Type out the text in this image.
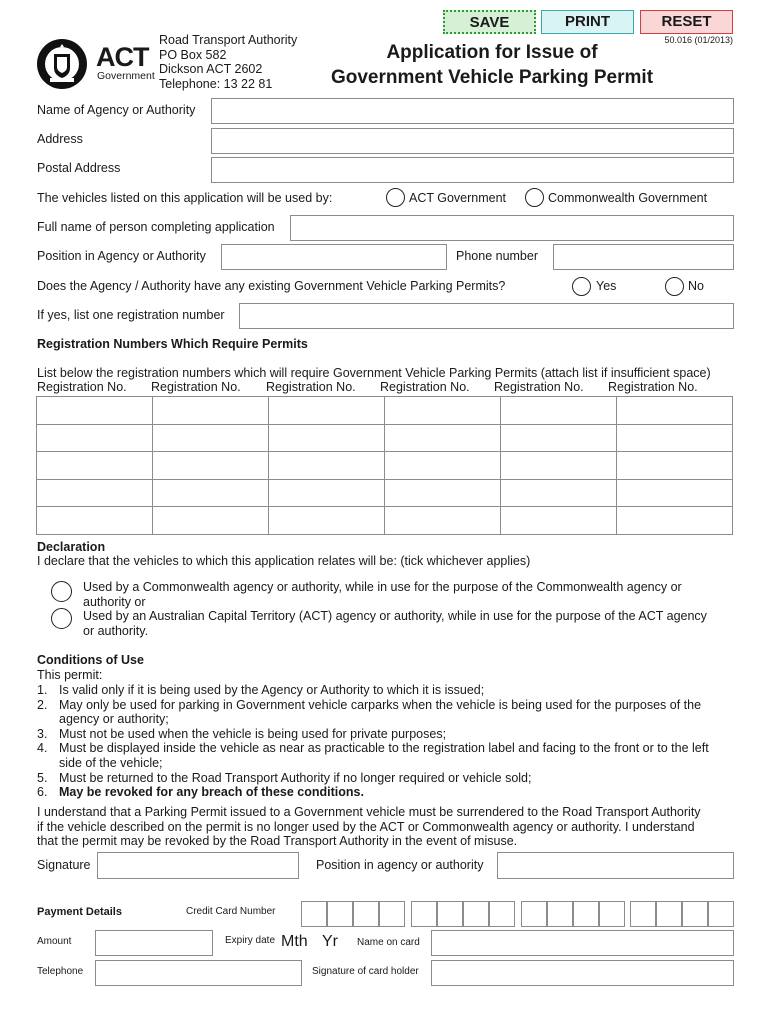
SAVE	PRINT	RESET
50.016 (01/2013)
ACT
Government
Road Transport Authority
PO Box 582
Dickson ACT 2602
Telephone: 13 22 81
Application for Issue of
Government Vehicle Parking Permit
Name of Agency or Authority
Address
Postal Address
The vehicles listed on this application will be used by:	ACT Government	Commonwealth Government
Full name of person completing application
Position in Agency or Authority	Phone number
Does the Agency / Authority have any existing Government Vehicle Parking Permits?	Yes	No
If yes, list one registration number
Registration Numbers Which Require Permits
List below the registration numbers which will require Government Vehicle Parking Permits (attach list if insufficient space)
Registration No. Registration No. Registration No. Registration No. Registration No. Registration No.

Declaration
I declare that the vehicles to which this application relates will be: (tick whichever applies)
Used by a Commonwealth agency or authority, while in use for the purpose of the Commonwealth agency or
authority or
Used by an Australian Capital Territory (ACT) agency or authority, while in use for the purpose of the ACT agency
or authority.
Conditions of Use
This permit:
1. Is valid only if it is being used by the Agency or Authority to which it is issued;
2. May only be used for parking in Government vehicle carparks when the vehicle is being used for the purposes of the
agency or authority;
3. Must not be used when the vehicle is being used for private purposes;
4. Must be displayed inside the vehicle as near as practicable to the registration label and facing to the front or to the left
side of the vehicle;
5. Must be returned to the Road Transport Authority if no longer required or vehicle sold;
6. May be revoked for any breach of these conditions.
I understand that a Parking Permit issued to a Government vehicle must be surrendered to the Road Transport Authority
if the vehicle described on the permit is no longer used by the ACT or Commonwealth agency or authority. I understand
that the permit may be revoked by the Road Transport Authority in the event of misuse.
Signature	Position in agency or authority
Payment Details	Credit Card Number
Amount	Expiry date Mth Yr Name on card
Telephone	Signature of card holder
